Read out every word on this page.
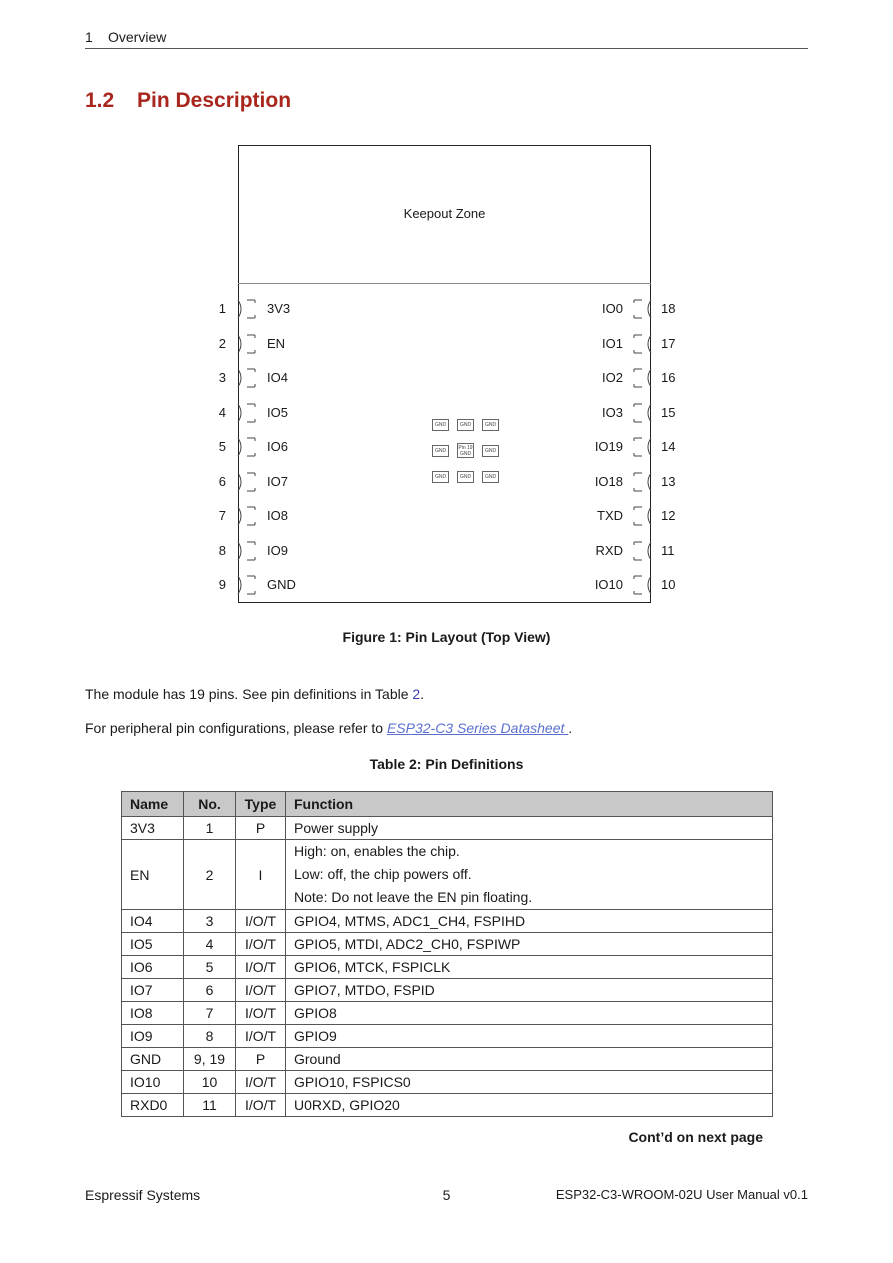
1 Overview
1.2 Pin Description
Keepout Zone
1	3V3
2	EN
3	IO4
4	IO5
5	IO6
6	IO7
7	IO8
8	IO9
9	GND
18
IO0
17
IO1
16
IO2
15
IO3
14
IO19
13
IO18
12
TXD
11
RXD
10
IO10
GND	GND	GND
GND	Pin 19 GND	GND
GND	GND	GND
Figure 1: Pin Layout (Top View)
The module has 19 pins. See pin definitions in Table 2.
For peripheral pin configurations, please refer to ESP32-C3 Series Datasheet .
Table 2: Pin Definitions
Name	No.	Type	Function
3V3	1	P	Power supply
EN	2	I	High: on, enables the chip.
Low: off, the chip powers off.
Note: Do not leave the EN pin floating.

IO4	3	I/O/T	GPIO4, MTMS, ADC1_CH4, FSPIHD
IO5	4	I/O/T	GPIO5, MTDI, ADC2_CH0, FSPIWP
IO6	5	I/O/T	GPIO6, MTCK, FSPICLK
IO7	6	I/O/T	GPIO7, MTDO, FSPID
IO8	7	I/O/T	GPIO8
IO9	8	I/O/T	GPIO9
GND	9, 19	P	Ground
IO10	10	I/O/T	GPIO10, FSPICS0
RXD0	11	I/O/T	U0RXD, GPIO20
Cont’d on next page
Espressif Systems	5	ESP32-C3-WROOM-02U User Manual v0.1
